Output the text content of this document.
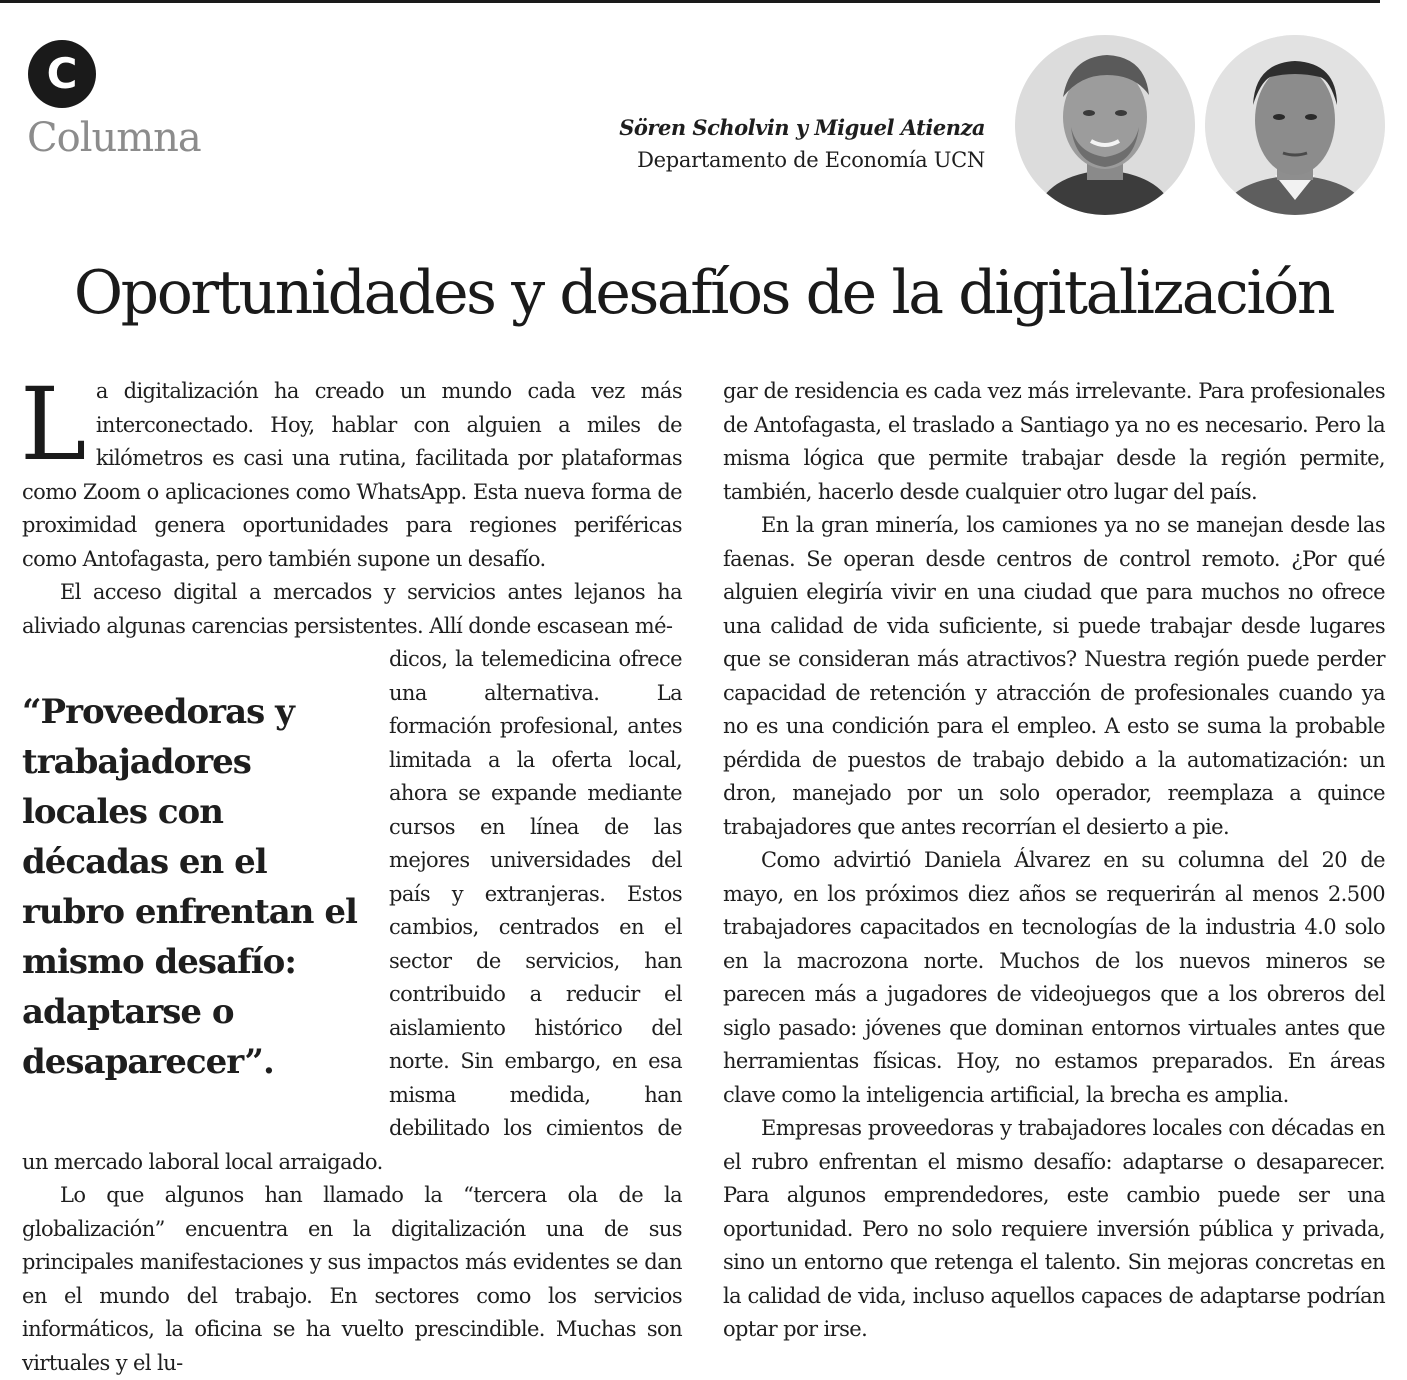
C
Columna	Sören Scholvin y Miguel Atienza
Departamento de Economía UCN
Oportunidades y desafíos de la digitalización

La digitalización ha creado un mundo cada vez más interconectado. Hoy, hablar con alguien a miles de kilómetros es casi una rutina, facilitada por plataformas como Zoom o aplicaciones como WhatsApp. Esta nueva forma de proximidad genera oportunidades para regiones periféricas como Antofagasta, pero también supone un desafío.

El acceso digital a mercados y servicios antes lejanos ha aliviado algunas carencias persistentes. Allí donde escasean mé-

“Proveedoras y trabajadores locales con décadas en el rubro enfrentan el mismo desafío: adaptarse o desaparecer”.

dicos, la telemedicina ofrece una alternativa. La formación profesional, antes limitada a la oferta local, ahora se expande mediante cursos en línea de las mejores universidades del país y extranjeras. Estos cambios, centrados en el sector de servicios, han contribuido a reducir el aislamiento histórico del norte. Sin embargo, en esa misma medida, han debilitado los cimientos de un mercado laboral local arraigado.

Lo que algunos han llamado la “tercera ola de la globalización” encuentra en la digitalización una de sus principales manifestaciones y sus impactos más evidentes se dan en el mundo del trabajo. En sectores como los servicios informáticos, la oficina se ha vuelto prescindible. Muchas son virtuales y el lu-

gar de residencia es cada vez más irrelevante. Para profesionales de Antofagasta, el traslado a Santiago ya no es necesario. Pero la misma lógica que permite trabajar desde la región permite, también, hacerlo desde cualquier otro lugar del país.

En la gran minería, los camiones ya no se manejan desde las faenas. Se operan desde centros de control remoto. ¿Por qué alguien elegiría vivir en una ciudad que para muchos no ofrece una calidad de vida suficiente, si puede trabajar desde lugares que se consideran más atractivos? Nuestra región puede perder capacidad de retención y atracción de profesionales cuando ya no es una condición para el empleo. A esto se suma la probable pérdida de puestos de trabajo debido a la automatización: un dron, manejado por un solo operador, reemplaza a quince trabajadores que antes recorrían el desierto a pie.

Como advirtió Daniela Álvarez en su columna del 20 de mayo, en los próximos diez años se requerirán al menos 2.500 trabajadores capacitados en tecnologías de la industria 4.0 solo en la macrozona norte. Muchos de los nuevos mineros se parecen más a jugadores de videojuegos que a los obreros del siglo pasado: jóvenes que dominan entornos virtuales antes que herramientas físicas. Hoy, no estamos preparados. En áreas clave como la inteligencia artificial, la brecha es amplia.

Empresas proveedoras y trabajadores locales con décadas en el rubro enfrentan el mismo desafío: adaptarse o desaparecer. Para algunos emprendedores, este cambio puede ser una oportunidad. Pero no solo requiere inversión pública y privada, sino un entorno que retenga el talento. Sin mejoras concretas en la calidad de vida, incluso aquellos capaces de adaptarse podrían optar por irse.
